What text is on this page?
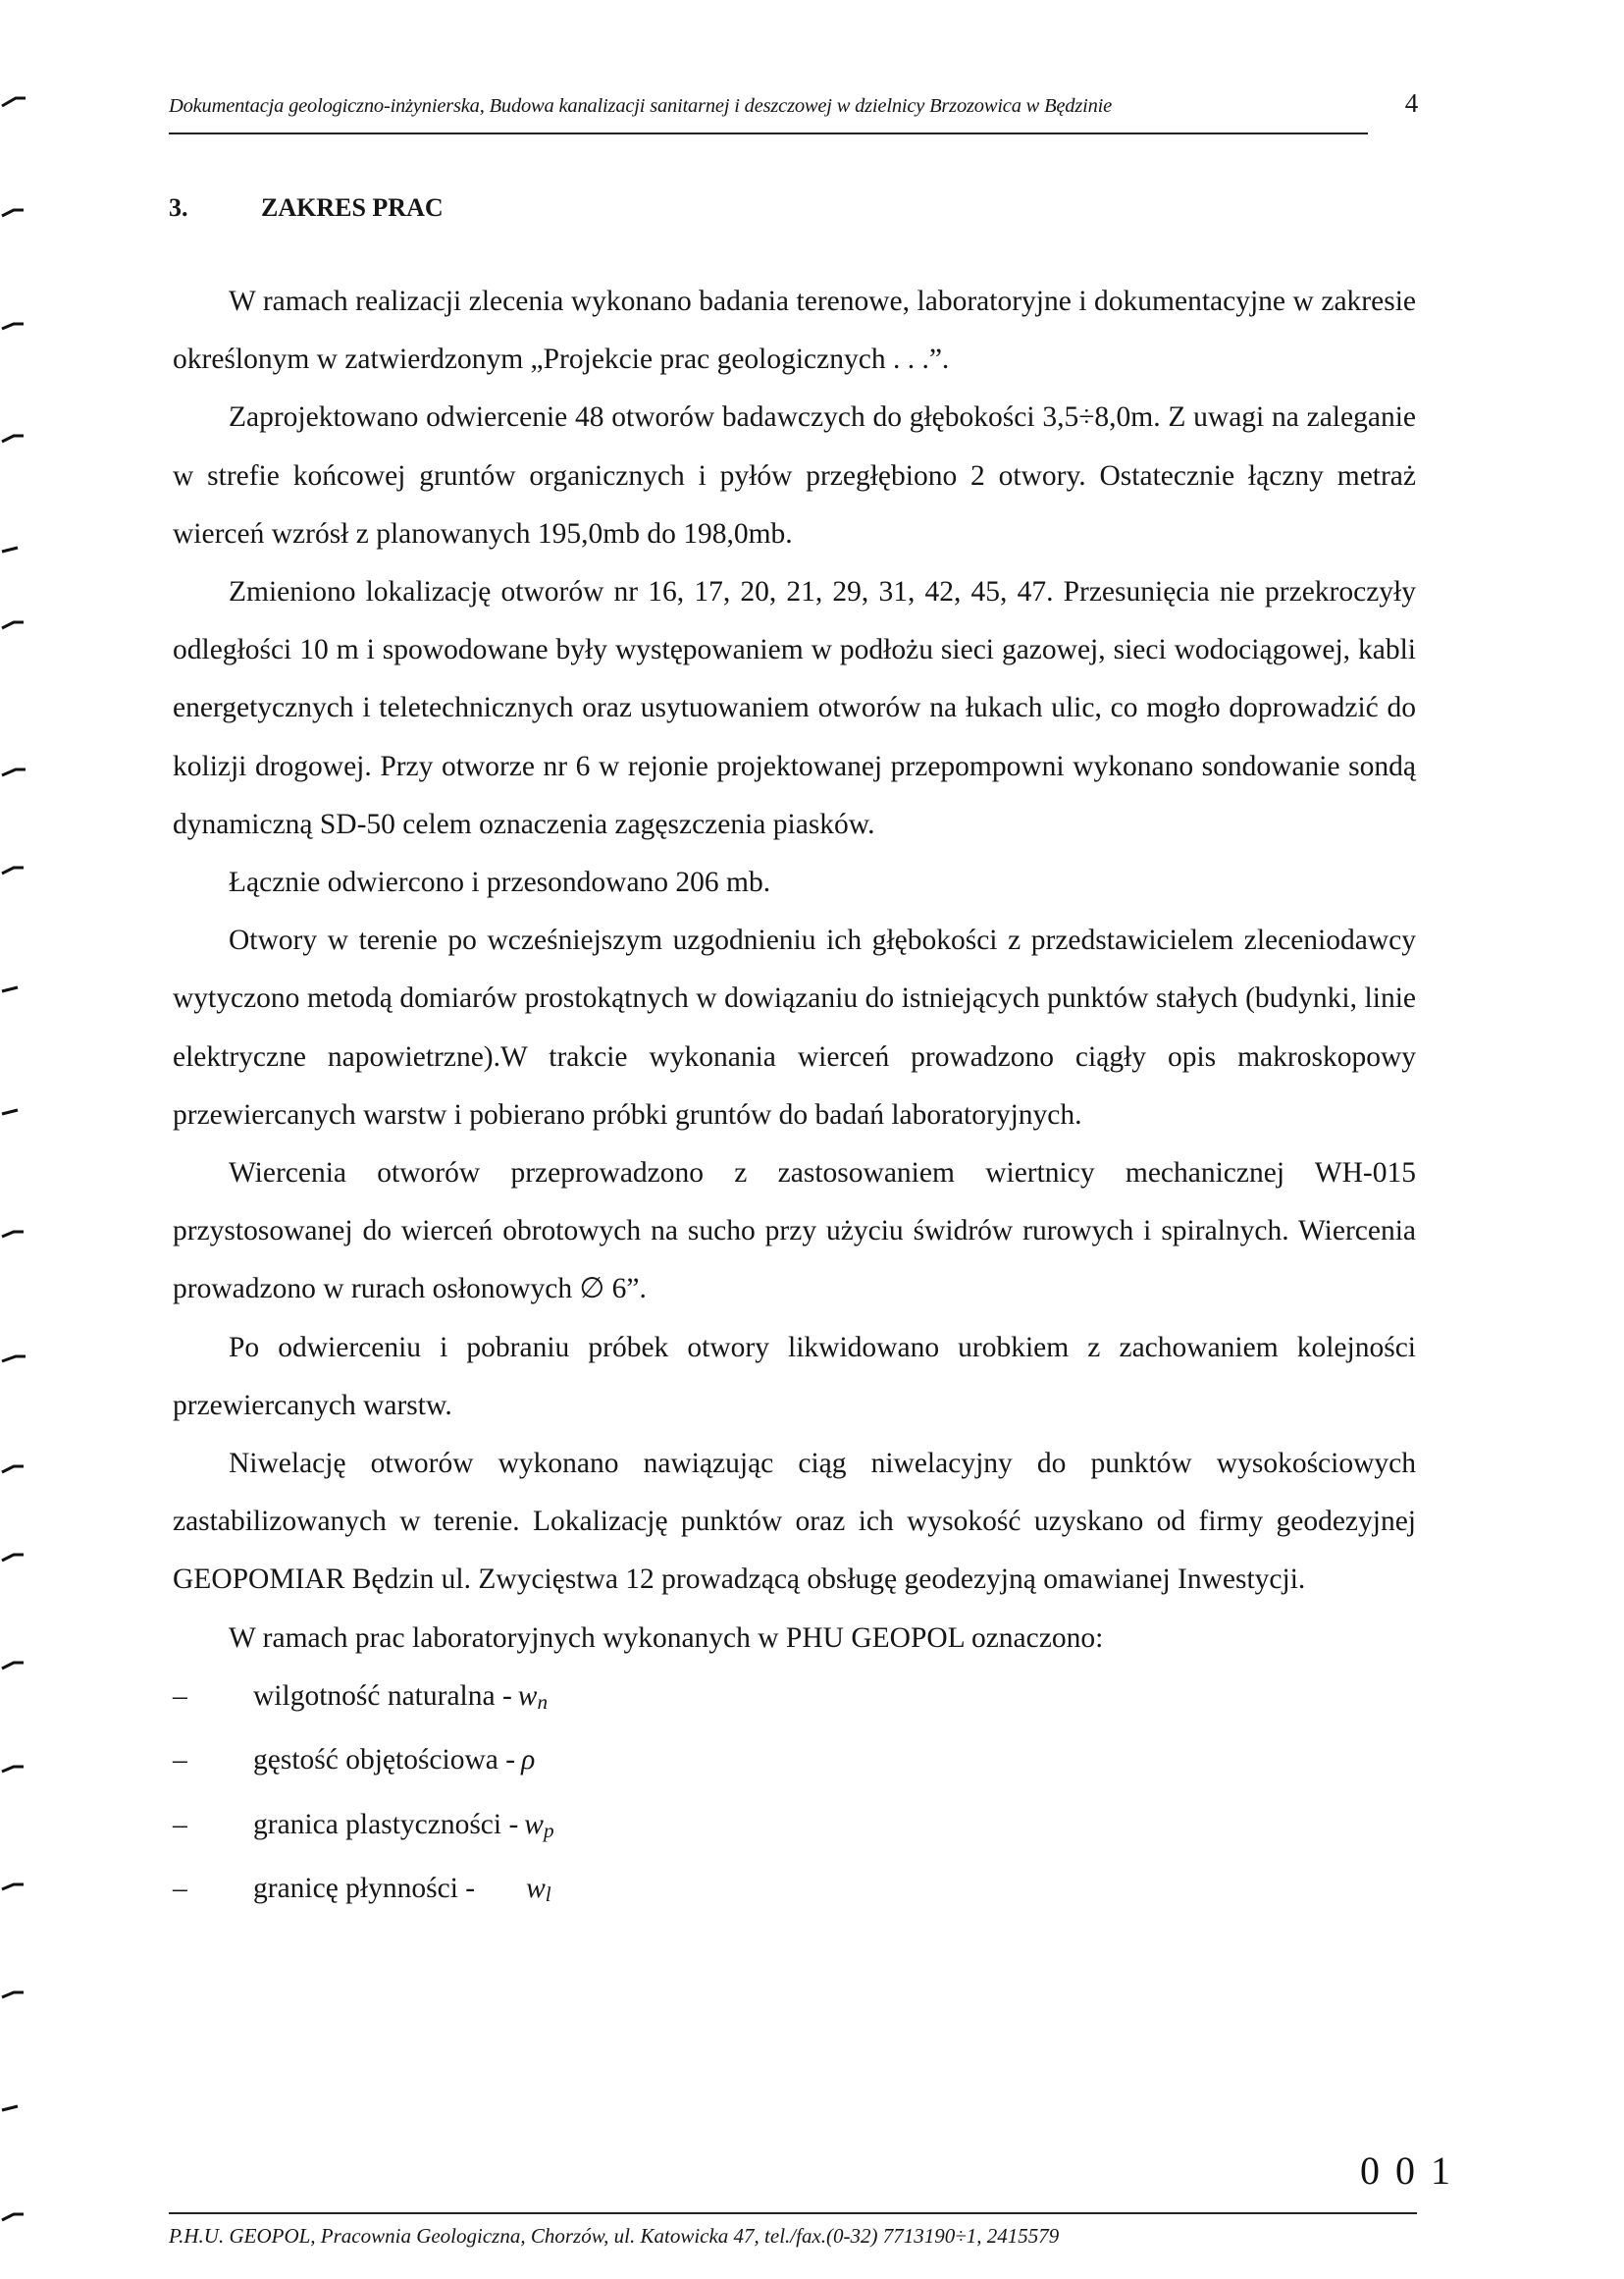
Dokumentacja geologiczno-inżynierska, Budowa kanalizacji sanitarnej i deszczowej w dzielnicy Brzozowica w Będzinie	4
3.	ZAKRES PRAC

W ramach realizacji zlecenia wykonano badania terenowe, laboratoryjne i dokumentacyjne w zakresie określonym w zatwierdzonym „Projekcie prac geologicznych . . .”.

Zaprojektowano odwiercenie 48 otworów badawczych do głębokości 3,5÷8,0m. Z uwagi na zaleganie w strefie końcowej gruntów organicznych i pyłów przegłębiono 2 otwory. Ostatecznie łączny metraż wierceń wzrósł z planowanych 195,0mb do 198,0mb.

Zmieniono lokalizację otworów nr 16, 17, 20, 21, 29, 31, 42, 45, 47. Przesunięcia nie przekroczyły odległości 10 m i spowodowane były występowaniem w podłożu sieci gazowej, sieci wodociągowej, kabli energetycznych i teletechnicznych oraz usytuowaniem otworów na łukach ulic, co mogło doprowadzić do kolizji drogowej. Przy otworze nr 6 w rejonie projektowanej przepompowni wykonano sondowanie sondą dynamiczną SD-50 celem oznaczenia zagęszczenia piasków.

Łącznie odwiercono i przesondowano 206 mb.

Otwory w terenie po wcześniejszym uzgodnieniu ich głębokości z przedstawicielem zleceniodawcy wytyczono metodą domiarów prostokątnych w dowiązaniu do istniejących punktów stałych (budynki, linie elektryczne napowietrzne).W trakcie wykonania wierceń prowadzono ciągły opis makroskopowy przewiercanych warstw i pobierano próbki gruntów do badań laboratoryjnych.

Wiercenia otworów przeprowadzono z zastosowaniem wiertnicy mechanicznej WH-015 przystosowanej do wierceń obrotowych na sucho przy użyciu świdrów rurowych i spiralnych. Wiercenia prowadzono w rurach osłonowych ∅ 6”.

Po odwierceniu i pobraniu próbek otwory likwidowano urobkiem z zachowaniem kolejności przewiercanych warstw.

Niwelację otworów wykonano nawiązując ciąg niwelacyjny do punktów wysokościowych zastabilizowanych w terenie. Lokalizację punktów oraz ich wysokość uzyskano od firmy geodezyjnej GEOPOMIAR Będzin ul. Zwycięstwa 12 prowadzącą obsługę geodezyjną omawianej Inwestycji.

W ramach prac laboratoryjnych wykonanych w PHU GEOPOL oznaczono:

– wilgotność naturalna - $w_n$
– gęstość objętościowa - ρ
– granica plastyczności - $w_p$
– granicę płynności - $w_l$
0 0 1
P.H.U. GEOPOL, Pracownia Geologiczna, Chorzów, ul. Katowicka 47, tel./fax.(0-32) 7713190÷1, 2415579
